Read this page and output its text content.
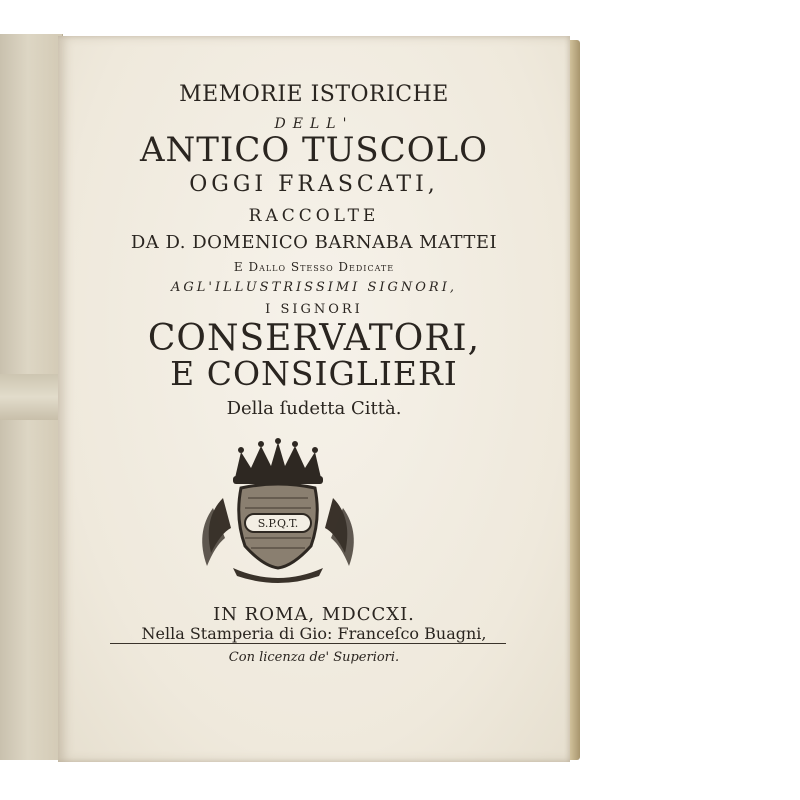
MEMORIE ISTORICHE
DELL'
ANTICO TUSCOLO
OGGI FRASCATI,
RACCOLTE
DA D. DOMENICO BARNABA MATTEI
E Dallo Stesso Dedicate
AGL'ILLUSTRISSIMI SIGNORI,
I SIGNORI
CONSERVATORI,
E CONSIGLIERI
Della ſudetta Città.
S.P.Q.T.
IN ROMA, MDCCXI.
Nella Stamperia di Gio: Franceſco Buagni,
Con licenza de' Superiori.
